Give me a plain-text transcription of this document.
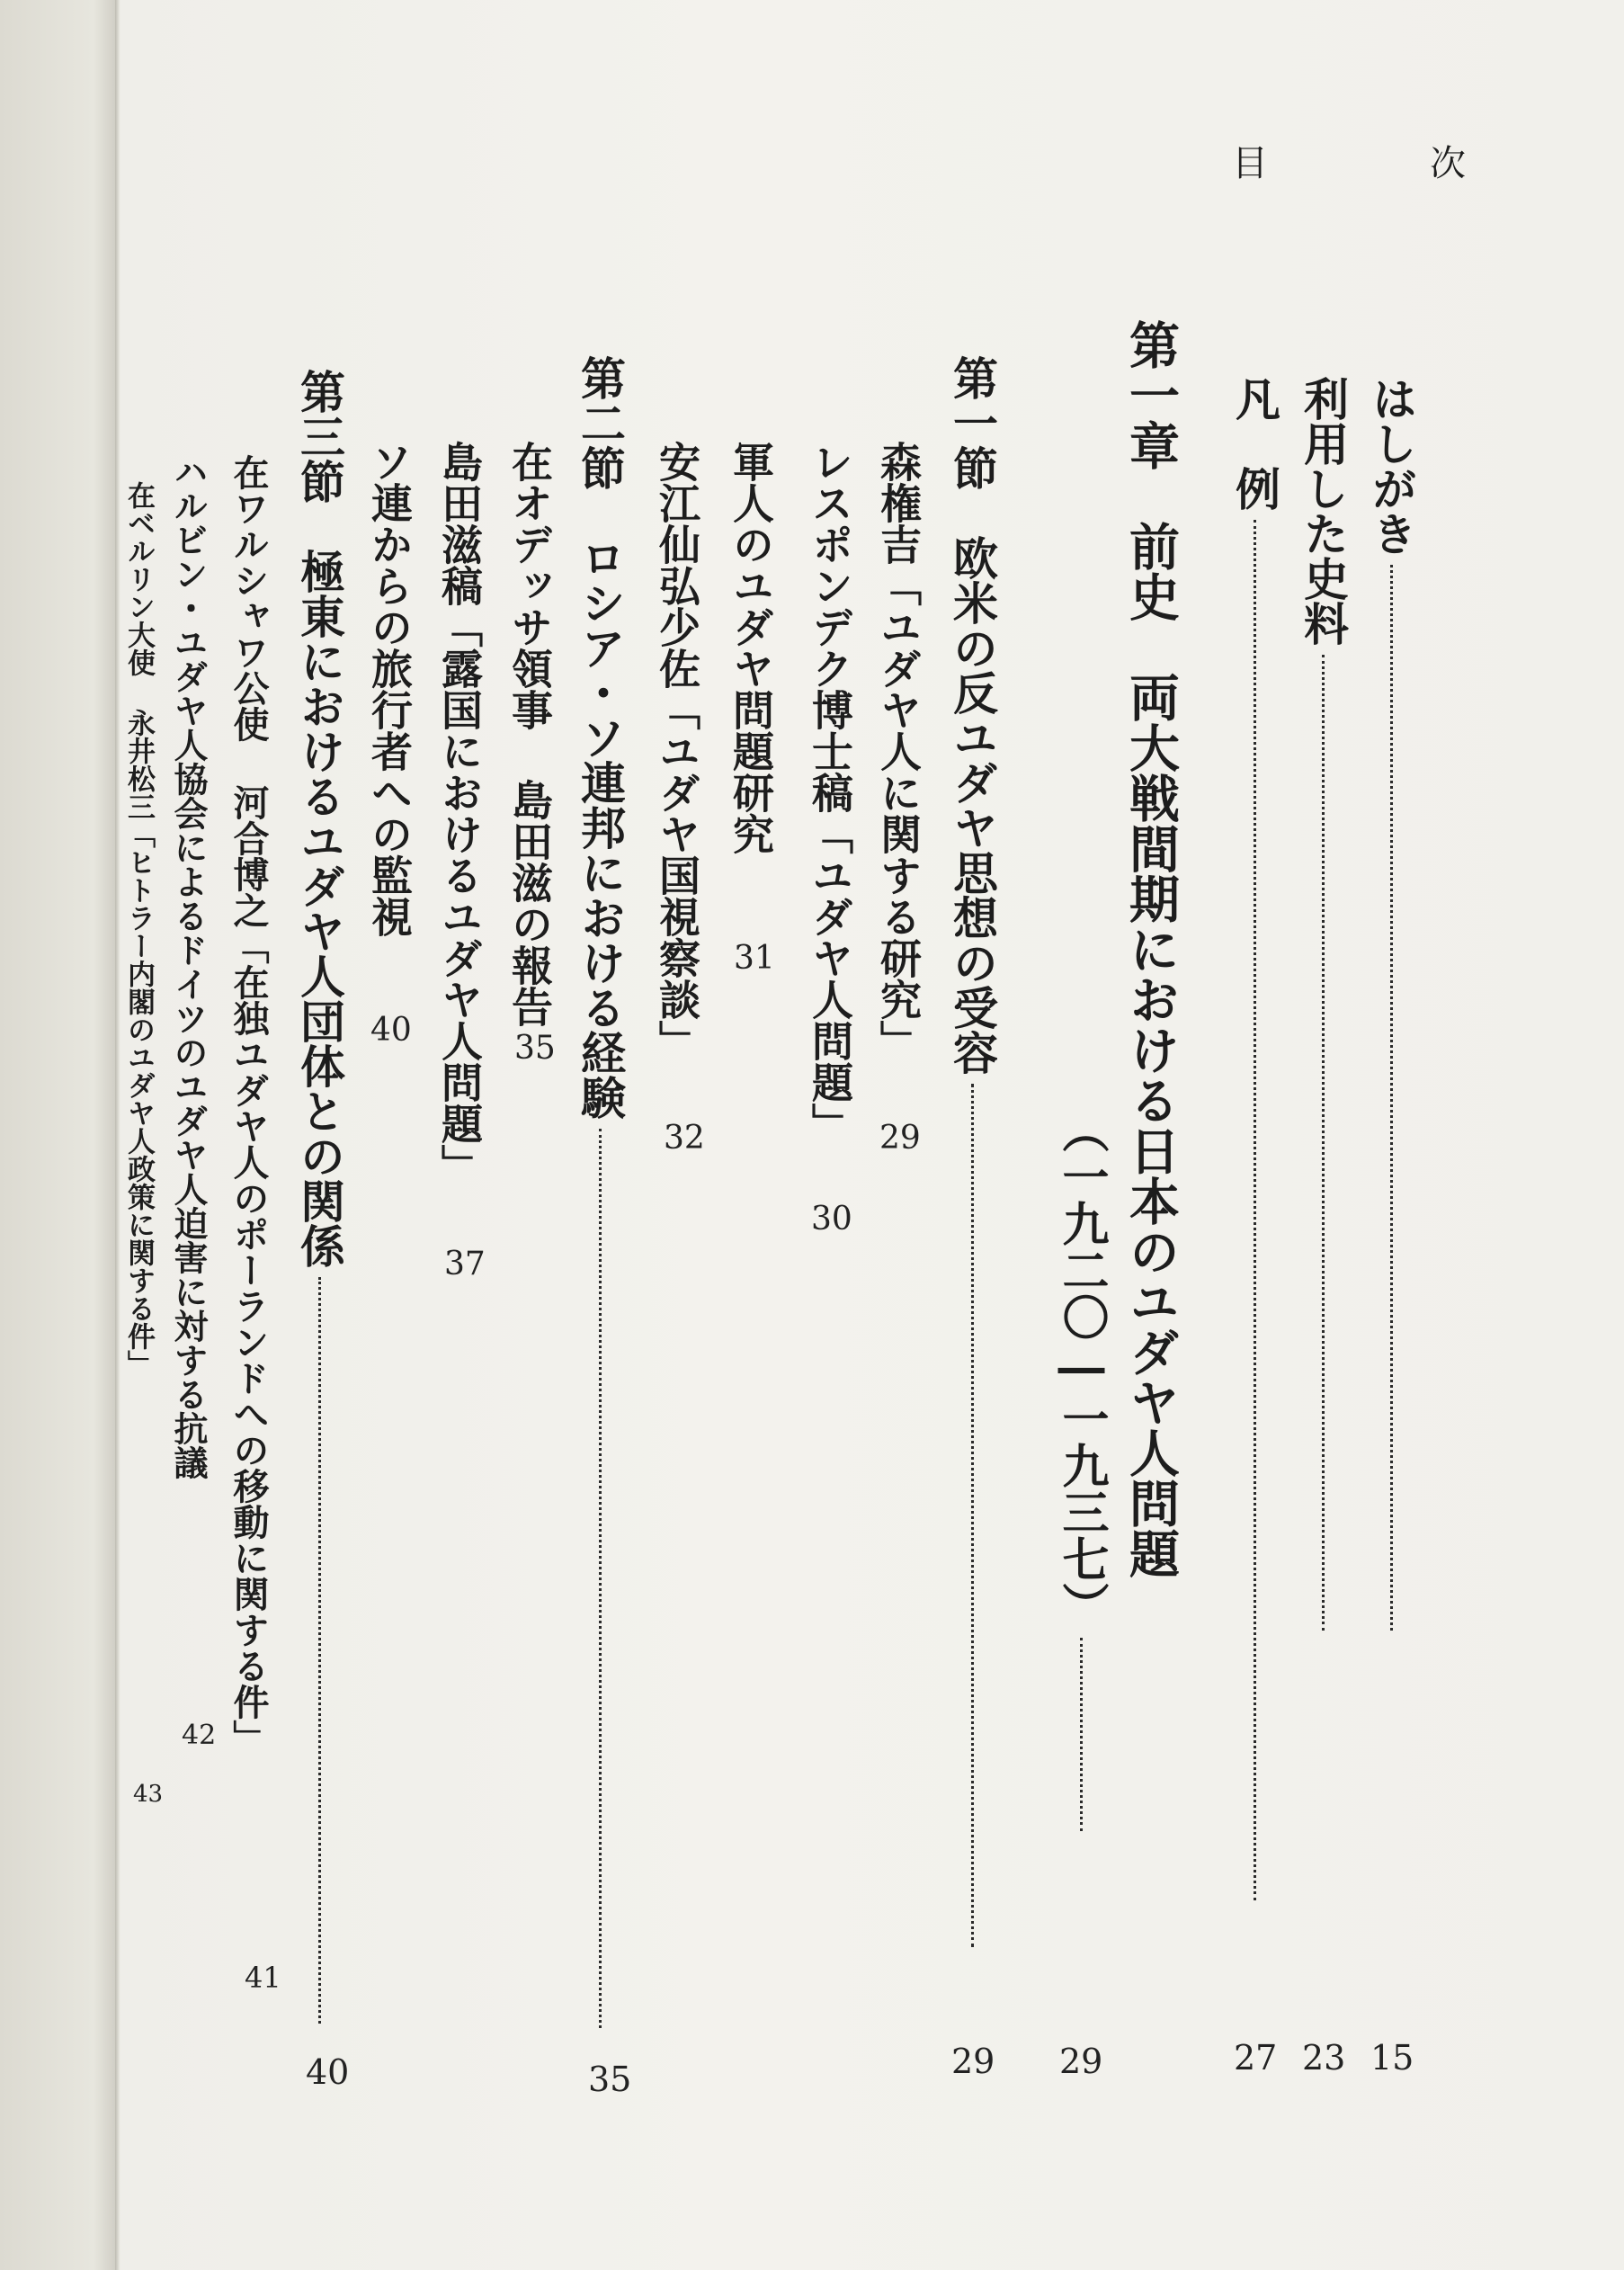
目　次
はしがき
15
利用した史料
23
凡　例
27
第一章　前史　両大戦間期における日本のユダヤ人問題
（一九二〇―一九三七）
29
第一節　欧米の反ユダヤ思想の受容
29
森権吉「ユダヤ人に関する研究」
29
レスポンデク博士稿「ユダヤ人問題」
30
軍人のユダヤ問題研究
31
安江仙弘少佐「ユダヤ国視察談」
32
第二節　ロシア・ソ連邦における経験
35
在オデッサ領事 島田滋の報告
35
島田滋稿「露国におけるユダヤ人問題」
37
ソ連からの旅行者への監視
40
第三節　極東におけるユダヤ人団体との関係
40
在ワルシャワ公使 河合博之「在独ユダヤ人のポーランドへの移動に関する件」
41
ハルビン・ユダヤ人協会によるドイツのユダヤ人迫害に対する抗議
42
在ベルリン大使 永井松三「ヒトラー内閣のユダヤ人政策に関する件」
43
